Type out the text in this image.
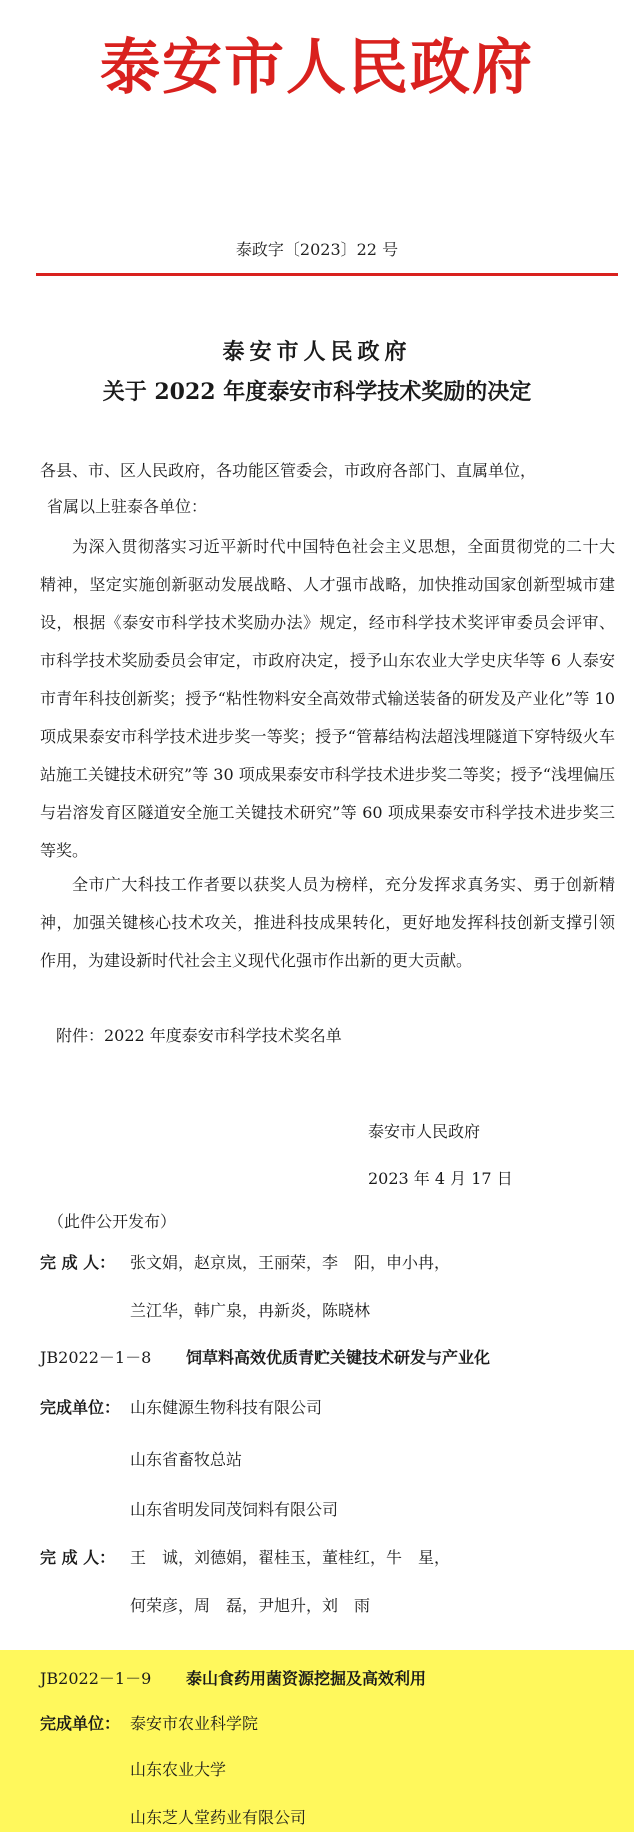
泰安市人民政府
泰政字〔2023〕22 号
泰安市人民政府
关于 2022 年度泰安市科学技术奖励的决定
各县、市、区人民政府，各功能区管委会，市政府各部门、直属单位，
省属以上驻泰各单位：

为深入贯彻落实习近平新时代中国特色社会主义思想，全面贯彻党的二十大精神，坚定实施创新驱动发展战略、人才强市战略，加快推动国家创新型城市建设，根据《泰安市科学技术奖励办法》规定，经市科学技术奖评审委员会评审、市科学技术奖励委员会审定，市政府决定，授予山东农业大学史庆华等 6 人泰安市青年科技创新奖；授予“粘性物料安全高效带式输送装备的研发及产业化”等 10 项成果泰安市科学技术进步奖一等奖；授予“管幕结构法超浅埋隧道下穿特级火车站施工关键技术研究”等 30 项成果泰安市科学技术进步奖二等奖；授予“浅埋偏压与岩溶发育区隧道安全施工关键技术研究”等 60 项成果泰安市科学技术进步奖三等奖。

全市广大科技工作者要以获奖人员为榜样，充分发挥求真务实、勇于创新精神，加强关键核心技术攻关，推进科技成果转化，更好地发挥科技创新支撑引领作用，为建设新时代社会主义现代化强市作出新的更大贡献。

附件：2022 年度泰安市科学技术奖名单
泰安市人民政府
2023 年 4 月 17 日
（此件公开发布）
完 成 人： 张文娟，赵京岚，王丽荣，李　阳，申小冉，
兰江华，韩广泉，冉新炎，陈晓林
JB2022－1－8 饲草料高效优质青贮关键技术研发与产业化
完成单位： 山东健源生物科技有限公司
山东省畜牧总站
山东省明发同茂饲料有限公司
完 成 人： 王　诚，刘德娟，翟桂玉，董桂红，牛　星，
何荣彦，周　磊，尹旭升，刘　雨
JB2022－1－9 泰山食药用菌资源挖掘及高效利用
完成单位： 泰安市农业科学院
山东农业大学
山东芝人堂药业有限公司
